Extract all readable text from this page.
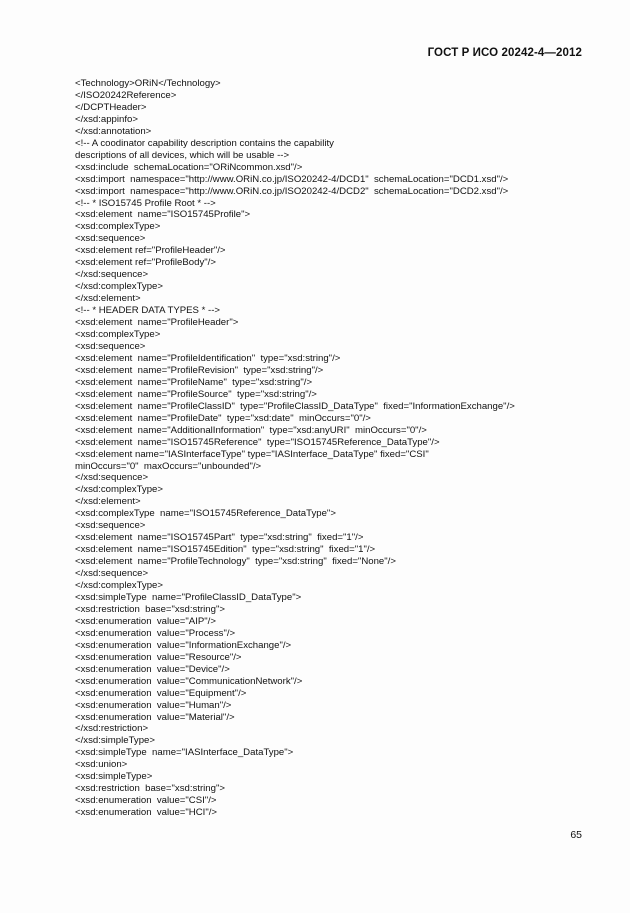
ГОСТ Р ИСО 20242-4—2012
<Technology>ORiN</Technology>
</ISO20242Reference>
</DCPTHeader>
</xsd:appinfo>
</xsd:annotation>
<!-- A coodinator capability description contains the capability
descriptions of all devices, which will be usable -->
<xsd:include  schemaLocation="ORiNcommon.xsd"/>
<xsd:import  namespace="http://www.ORiN.co.jp/ISO20242-4/DCD1"  schemaLocation="DCD1.xsd"/>
<xsd:import  namespace="http://www.ORiN.co.jp/ISO20242-4/DCD2"  schemaLocation="DCD2.xsd"/>
<!-- * ISO15745 Profile Root * -->
<xsd:element  name="ISO15745Profile">
<xsd:complexType>
<xsd:sequence>
<xsd:element ref="ProfileHeader"/>
<xsd:element ref="ProfileBody"/>
</xsd:sequence>
</xsd:complexType>
</xsd:element>
<!-- * HEADER DATA TYPES * -->
<xsd:element  name="ProfileHeader">
<xsd:complexType>
<xsd:sequence>
<xsd:element  name="ProfileIdentification"  type="xsd:string"/>
<xsd:element  name="ProfileRevision"  type="xsd:string"/>
<xsd:element  name="ProfileName"  type="xsd:string"/>
<xsd:element  name="ProfileSource"  type="xsd:string"/>
<xsd:element  name="ProfileClassID"  type="ProfileClassID_DataType"  fixed="InformationExchange"/>
<xsd:element  name="ProfileDate"  type="xsd:date"  minOccurs="0"/>
<xsd:element  name="AdditionalInformation"  type="xsd:anyURI"  minOccurs="0"/>
<xsd:element  name="ISO15745Reference"  type="ISO15745Reference_DataType"/>
<xsd:element name="IASInterfaceType" type="IASInterface_DataType" fixed="CSI"
minOccurs="0"  maxOccurs="unbounded"/>
</xsd:sequence>
</xsd:complexType>
</xsd:element>
<xsd:complexType  name="ISO15745Reference_DataType">
<xsd:sequence>
<xsd:element  name="ISO15745Part"  type="xsd:string"  fixed="1"/>
<xsd:element  name="ISO15745Edition"  type="xsd:string"  fixed="1"/>
<xsd:element  name="ProfileTechnology"  type="xsd:string"  fixed="None"/>
</xsd:sequence>
</xsd:complexType>
<xsd:simpleType  name="ProfileClassID_DataType">
<xsd:restriction  base="xsd:string">
<xsd:enumeration  value="AIP"/>
<xsd:enumeration  value="Process"/>
<xsd:enumeration  value="InformationExchange"/>
<xsd:enumeration  value="Resource"/>
<xsd:enumeration  value="Device"/>
<xsd:enumeration  value="CommunicationNetwork"/>
<xsd:enumeration  value="Equipment"/>
<xsd:enumeration  value="Human"/>
<xsd:enumeration  value="Material"/>
</xsd:restriction>
</xsd:simpleType>
<xsd:simpleType  name="IASInterface_DataType">
<xsd:union>
<xsd:simpleType>
<xsd:restriction  base="xsd:string">
<xsd:enumeration  value="CSI"/>
<xsd:enumeration  value="HCI"/>
65
